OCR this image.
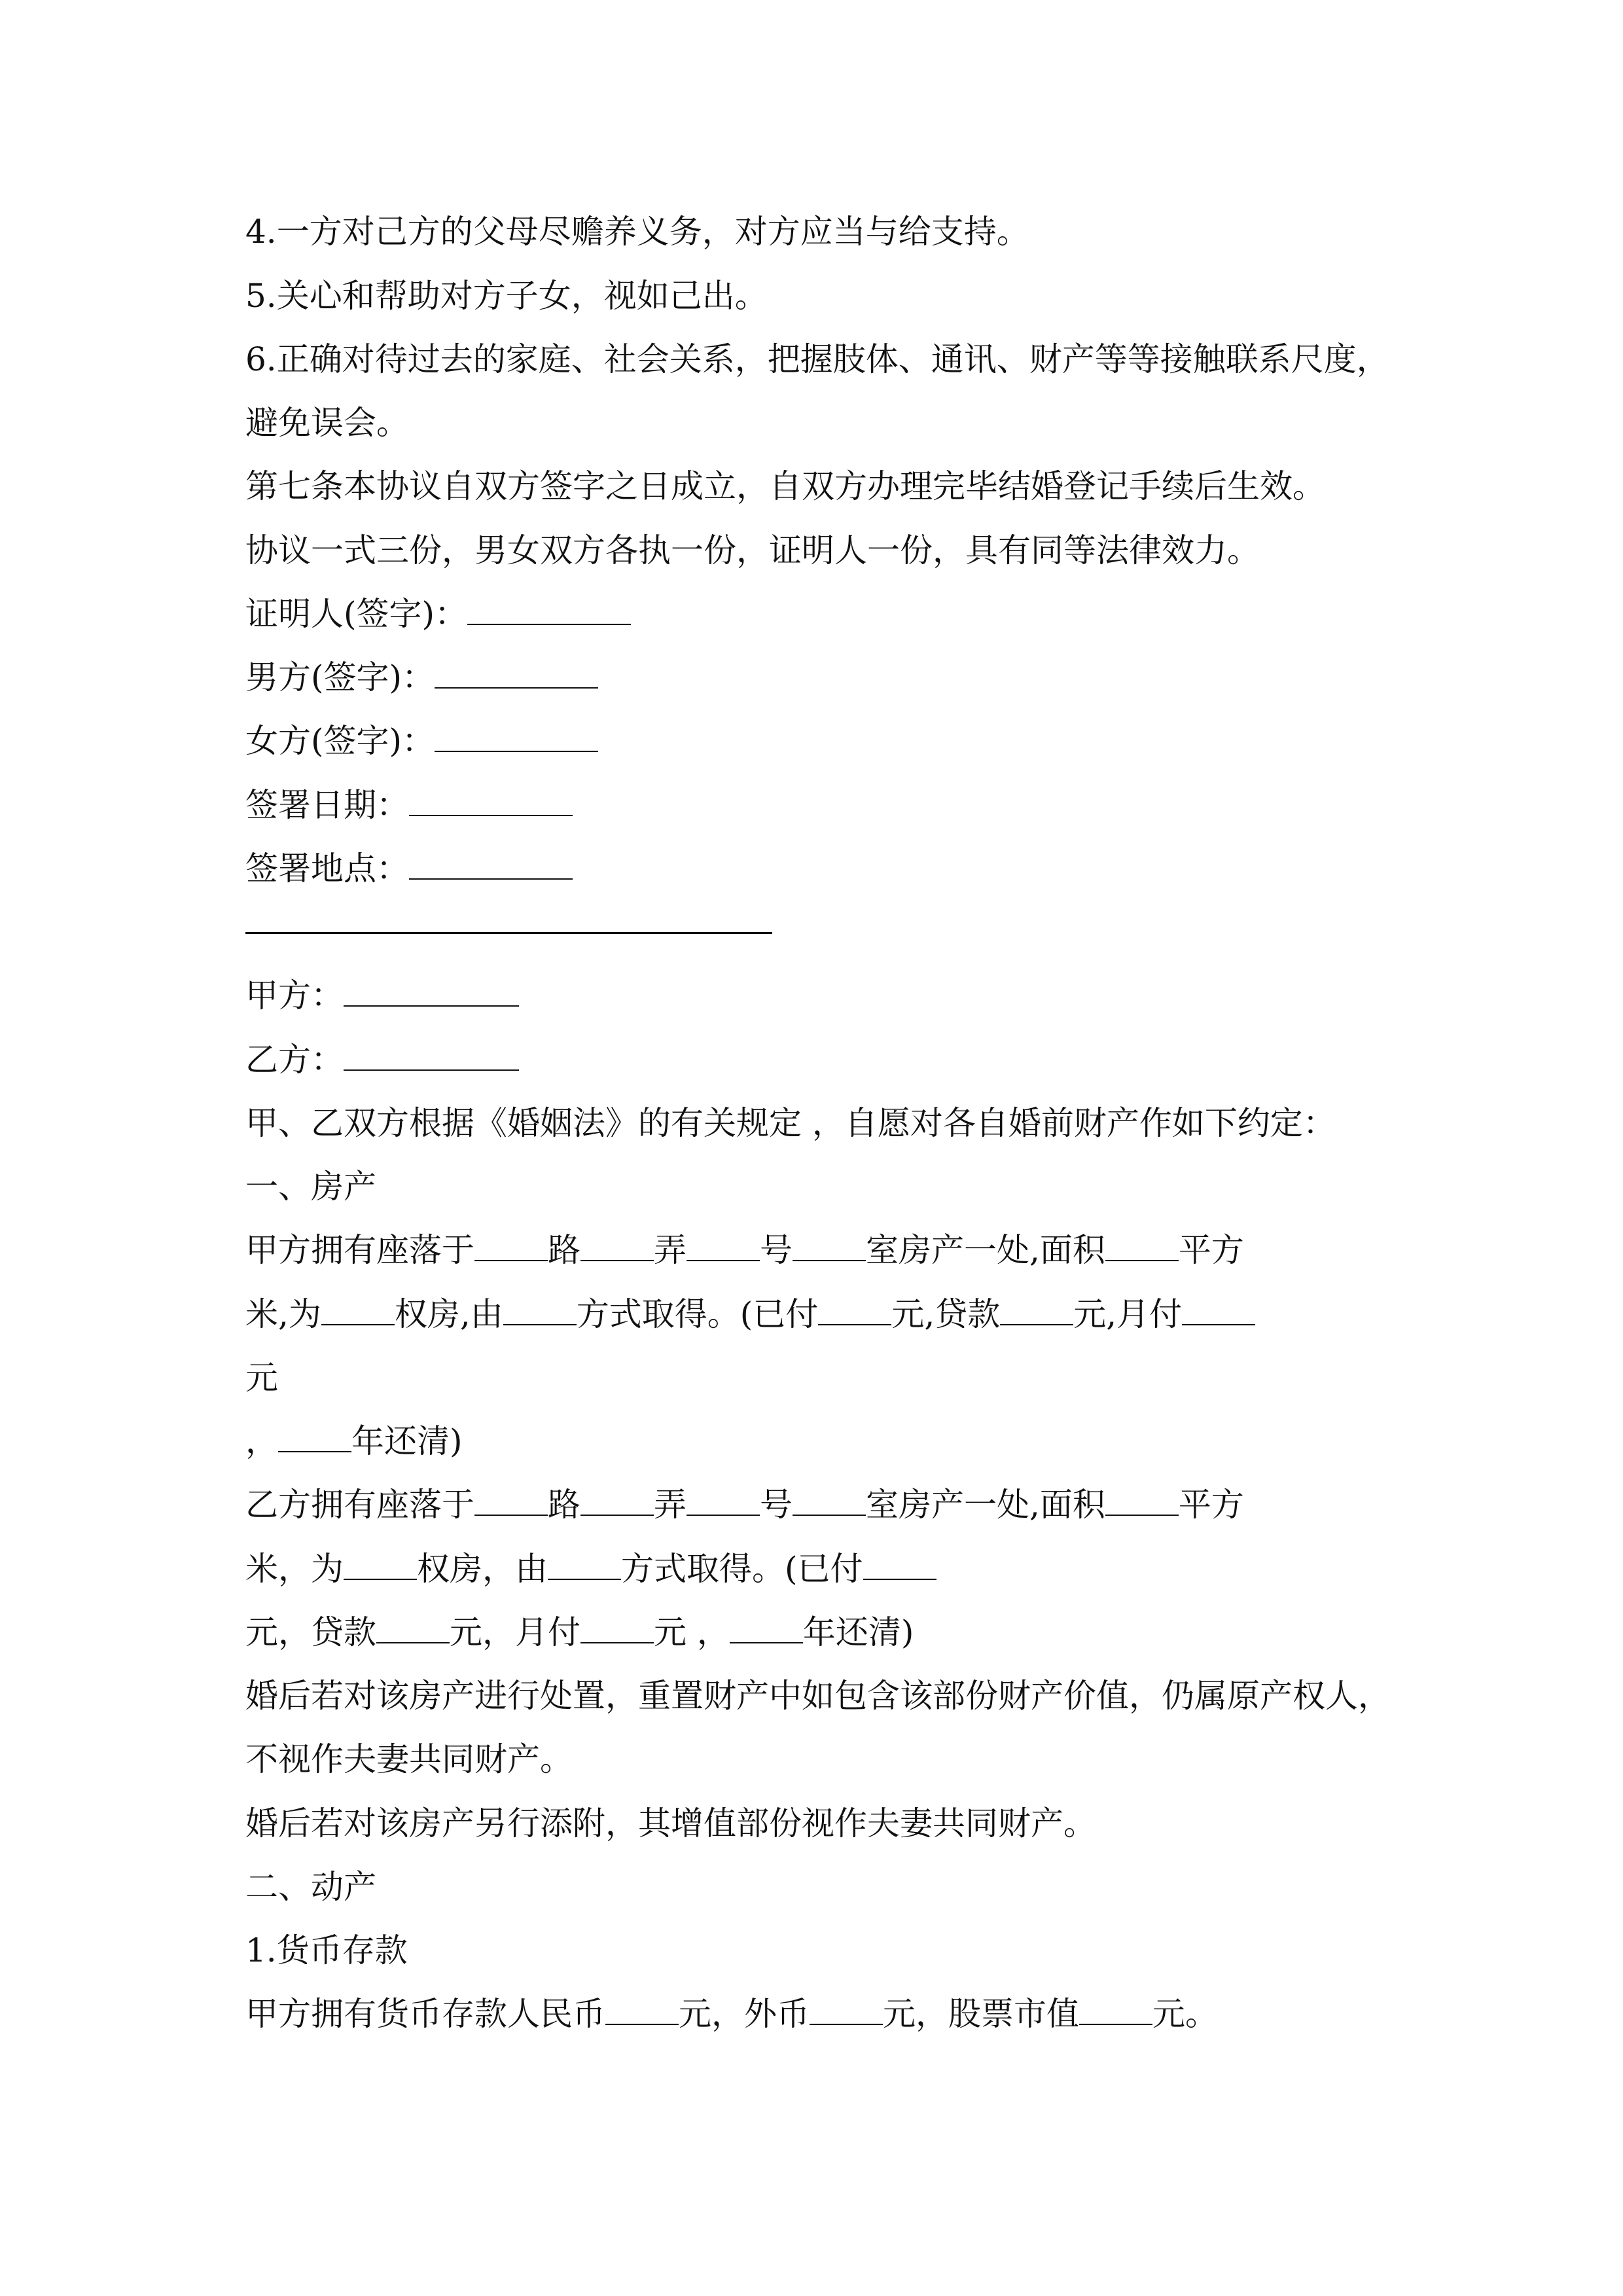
4.一方对己方的父母尽赡养义务，对方应当与给支持。

5.关心和帮助对方子女，视如己出。

6.正确对待过去的家庭、社会关系，把握肢体、通讯、财产等等接触联系尺度，

避免误会。

第七条本协议自双方签字之日成立，自双方办理完毕结婚登记手续后生效。

协议一式三份，男女双方各执一份，证明人一份，具有同等法律效力。

证明人(签字)：

男方(签字)：

女方(签字)：

签署日期：

签署地点：

甲方：

乙方：

甲、乙双方根据《婚姻法》的有关规定 ，自愿对各自婚前财产作如下约定：

一、房产

甲方拥有座落于 路 弄 号 室房产一处,面积 平方

米,为 权房,由 方式取得。(已付 元,贷款 元,月付

元

， 年还清)

乙方拥有座落于 路 弄 号 室房产一处,面积 平方

米，为 权房，由 方式取得。(已付

元，贷款 元，月付 元 ， 年还清)

婚后若对该房产进行处置，重置财产中如包含该部份财产价值，仍属原产权人，

不视作夫妻共同财产。

婚后若对该房产另行添附，其增值部份视作夫妻共同财产。

二、动产

1.货币存款

甲方拥有货币存款人民币 元，外币 元，股票市值 元。
